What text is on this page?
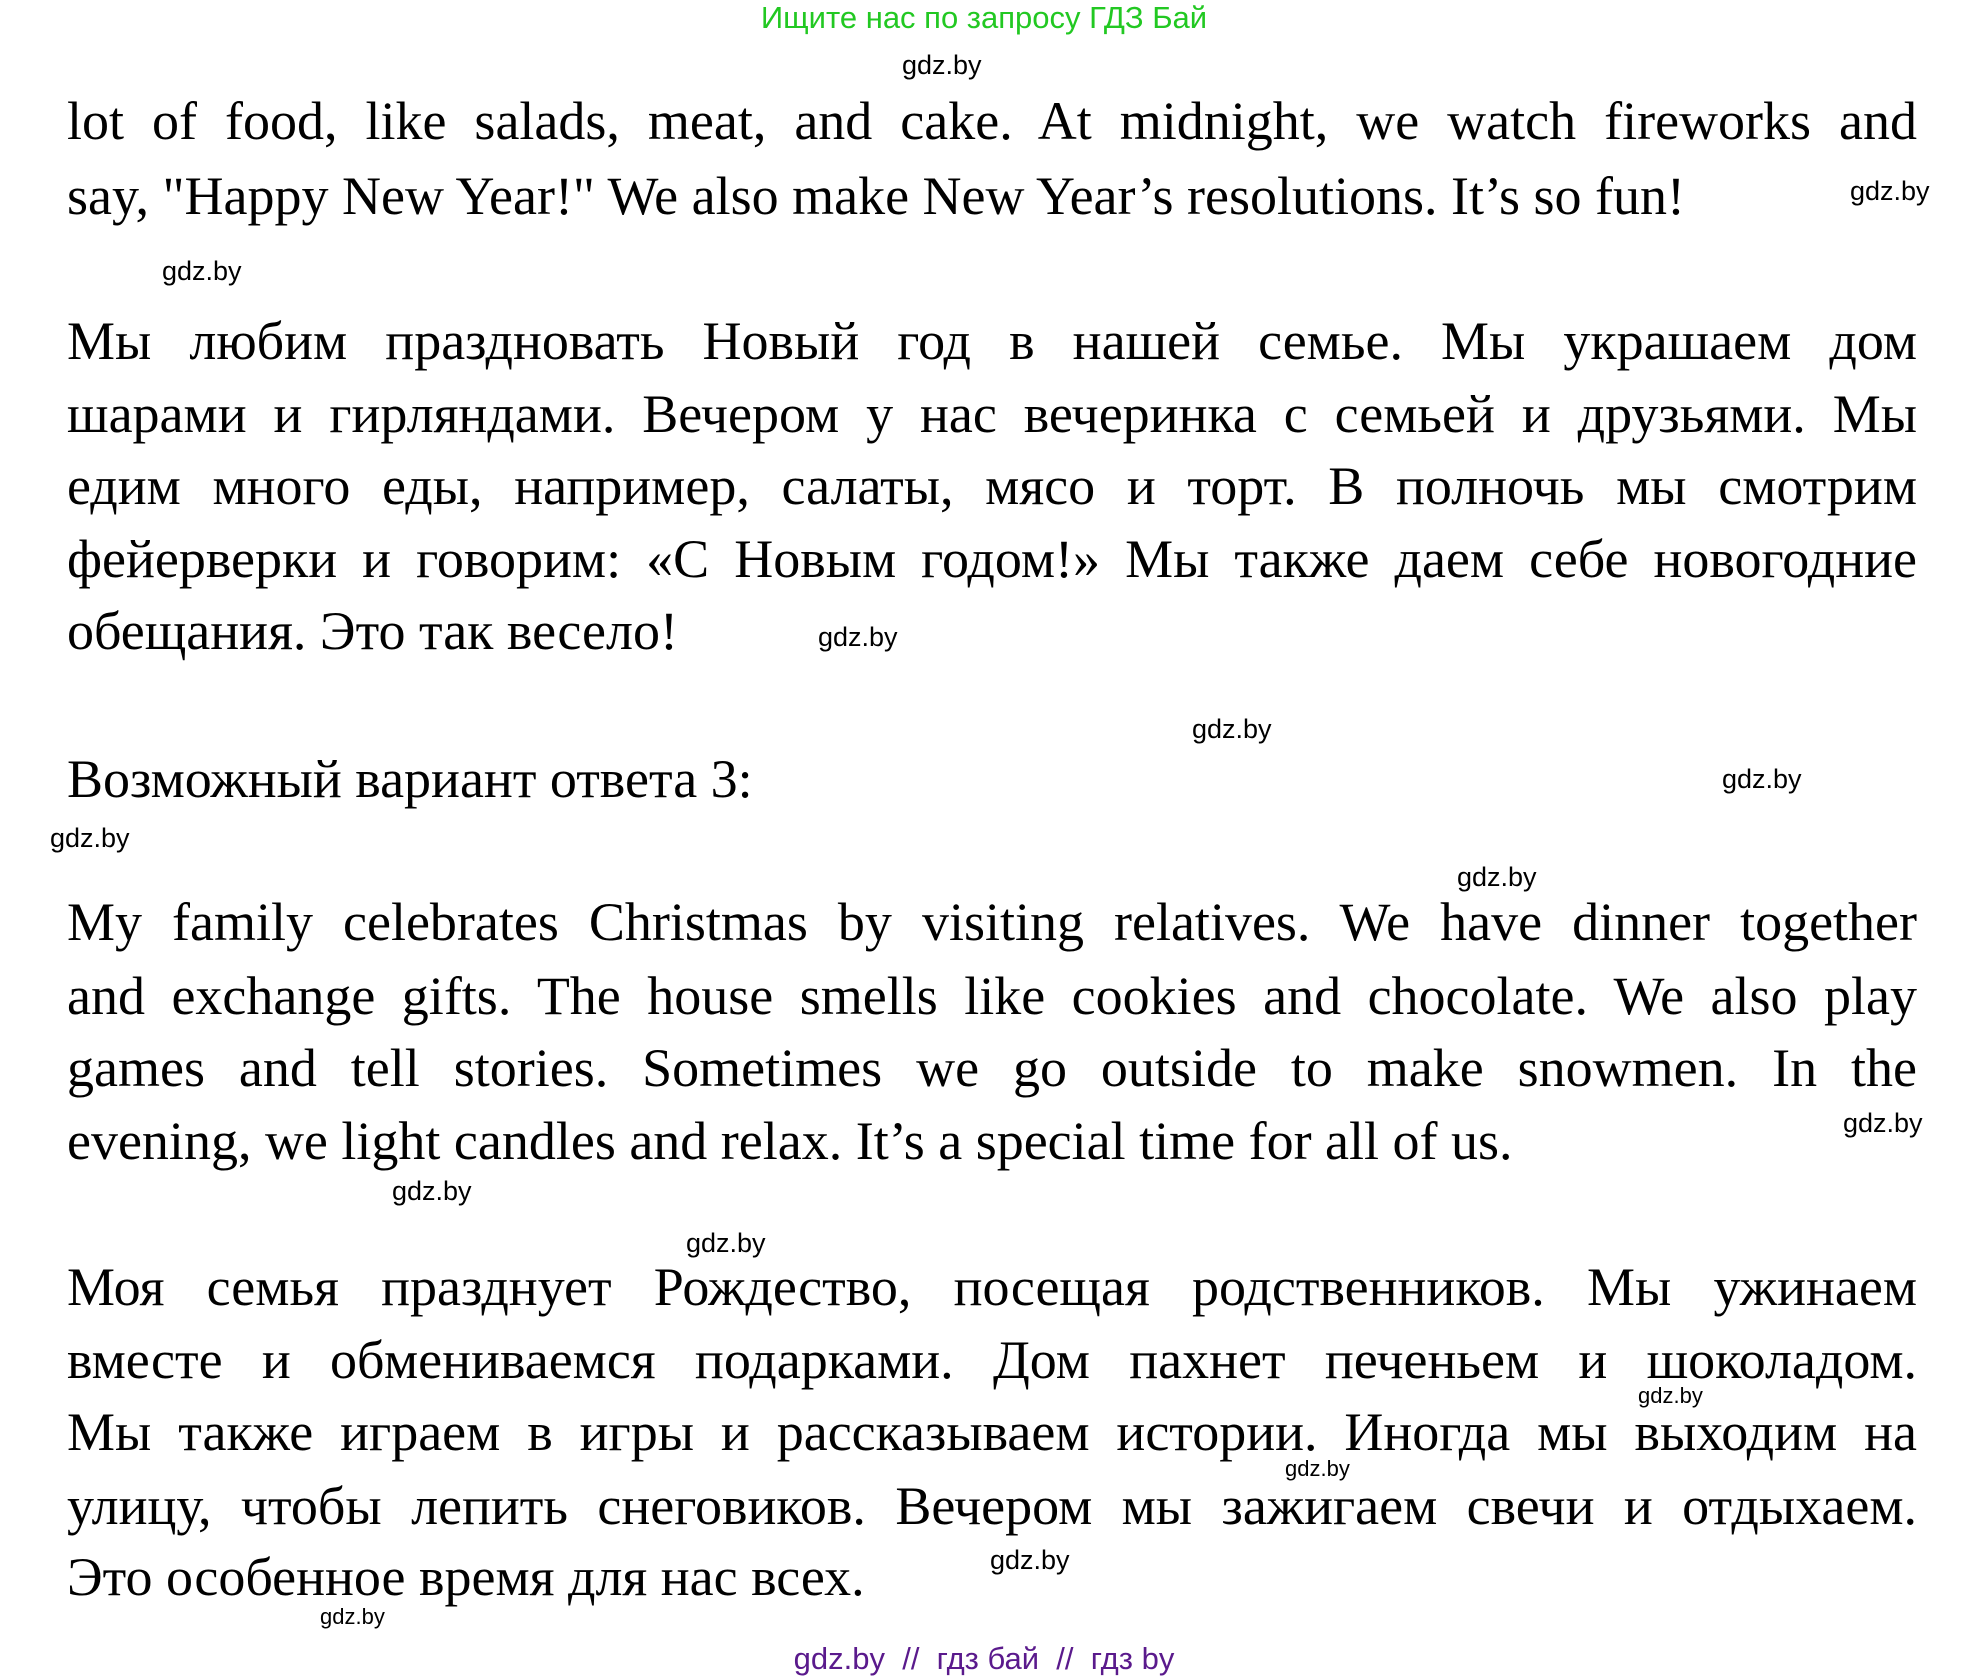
Ищите нас по запросу ГДЗ Бай
lot of food, like salads, meat, and cake. At midnight, we watch fireworks and
say, "Happy New Year!" We also make New Year’s resolutions. It’s so fun!
Мы любим праздновать Новый год в нашей семье. Мы украшаем дом
шарами и гирляндами. Вечером у нас вечеринка с семьей и друзьями. Мы
едим много еды, например, салаты, мясо и торт. В полночь мы смотрим
фейерверки и говорим: «С Новым годом!» Мы также даем себе новогодние
обещания. Это так весело!
Возможный вариант ответа 3:
My family celebrates Christmas by visiting relatives. We have dinner together
and exchange gifts. The house smells like cookies and chocolate. We also play
games and tell stories. Sometimes we go outside to make snowmen. In the
evening, we light candles and relax. It’s a special time for all of us.
Моя семья празднует Рождество, посещая родственников. Мы ужинаем
вместе и обмениваемся подарками. Дом пахнет печеньем и шоколадом.
Мы также играем в игры и рассказываем истории. Иногда мы выходим на
улицу, чтобы лепить снеговиков. Вечером мы зажигаем свечи и отдыхаем.
Это особенное время для нас всех.
gdz.by
gdz.by
gdz.by
gdz.by
gdz.by
gdz.by
gdz.by
gdz.by
gdz.by
gdz.by
gdz.by
gdz.by
gdz.by
gdz.by
gdz.by
gdz.by  //  гдз бай  //  гдз by
